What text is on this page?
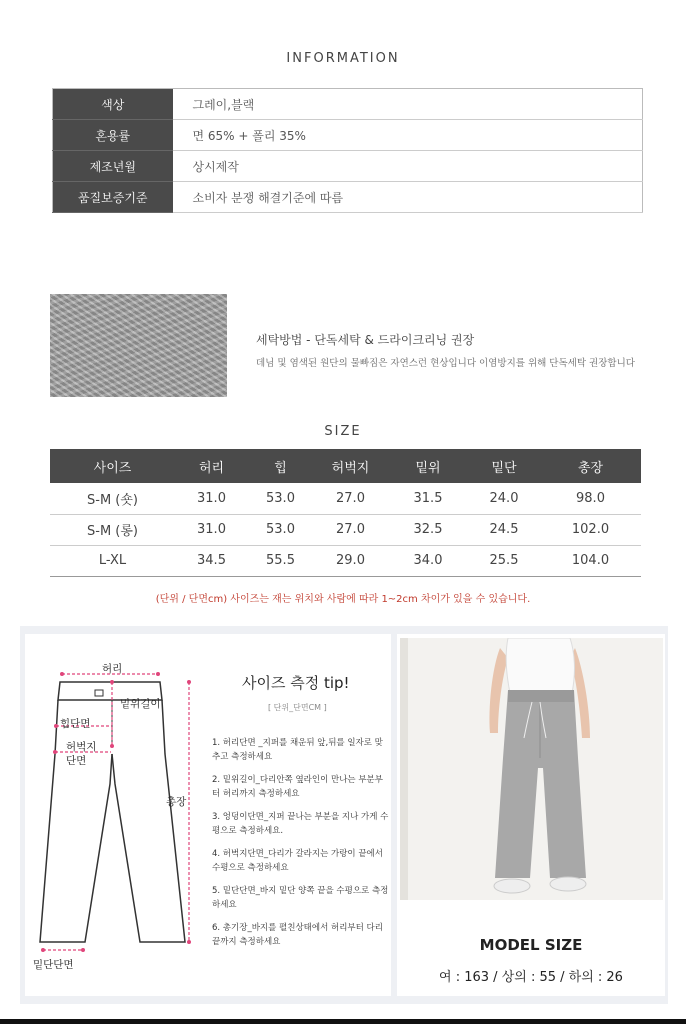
INFORMATION
색상	그레이,블랙
혼용률	면 65% + 폴리 35%
제조년월	상시제작
품질보증기준	소비자 분쟁 해결기준에 따름
세탁방법 - 단독세탁 & 드라이크리닝 권장
데님 및 염색된 원단의 물빠짐은 자연스런 현상입니다 이염방지를 위해 단독세탁 권장합니다
SIZE
사이즈	허리	힙	허벅지	밑위	밑단	총장
S-M (숏)	31.0	53.0	27.0	31.5	24.0	98.0
S-M (롱)	31.0	53.0	27.0	32.5	24.5	102.0
L-XL	34.5	55.5	29.0	34.0	25.5	104.0
(단위 / 단면cm) 사이즈는 재는 위치와 사람에 따라 1~2cm 차이가 있을 수 있습니다.
허리
밑위길이
힙단면
허벅지
단면
총장
밑단단면
사이즈 측정 tip!
[ 단위_단면CM ]

1. 허리단면 _지퍼를 채운뒤 앞,뒤를 일자로 맞추고 측정하세요

2. 밑위길이_다리안쪽 옆라인이 만나는 부분부터 허리까지 측정하세요

3. 엉덩이단면_지퍼 끝나는 부분을 지나 가게 수평으로 측정하세요.

4. 허벅지단면_다리가 갈라지는 가랑이 끝에서 수평으로 측정하세요

5. 밑단단면_바지 밑단 양쪽 끝을 수평으로 측정하세요

6. 총기장_바지를 펼친상태에서 허리부터 다리끝까지 측정하세요	MODEL SIZE
여 : 163 / 상의 : 55 / 하의 : 26
